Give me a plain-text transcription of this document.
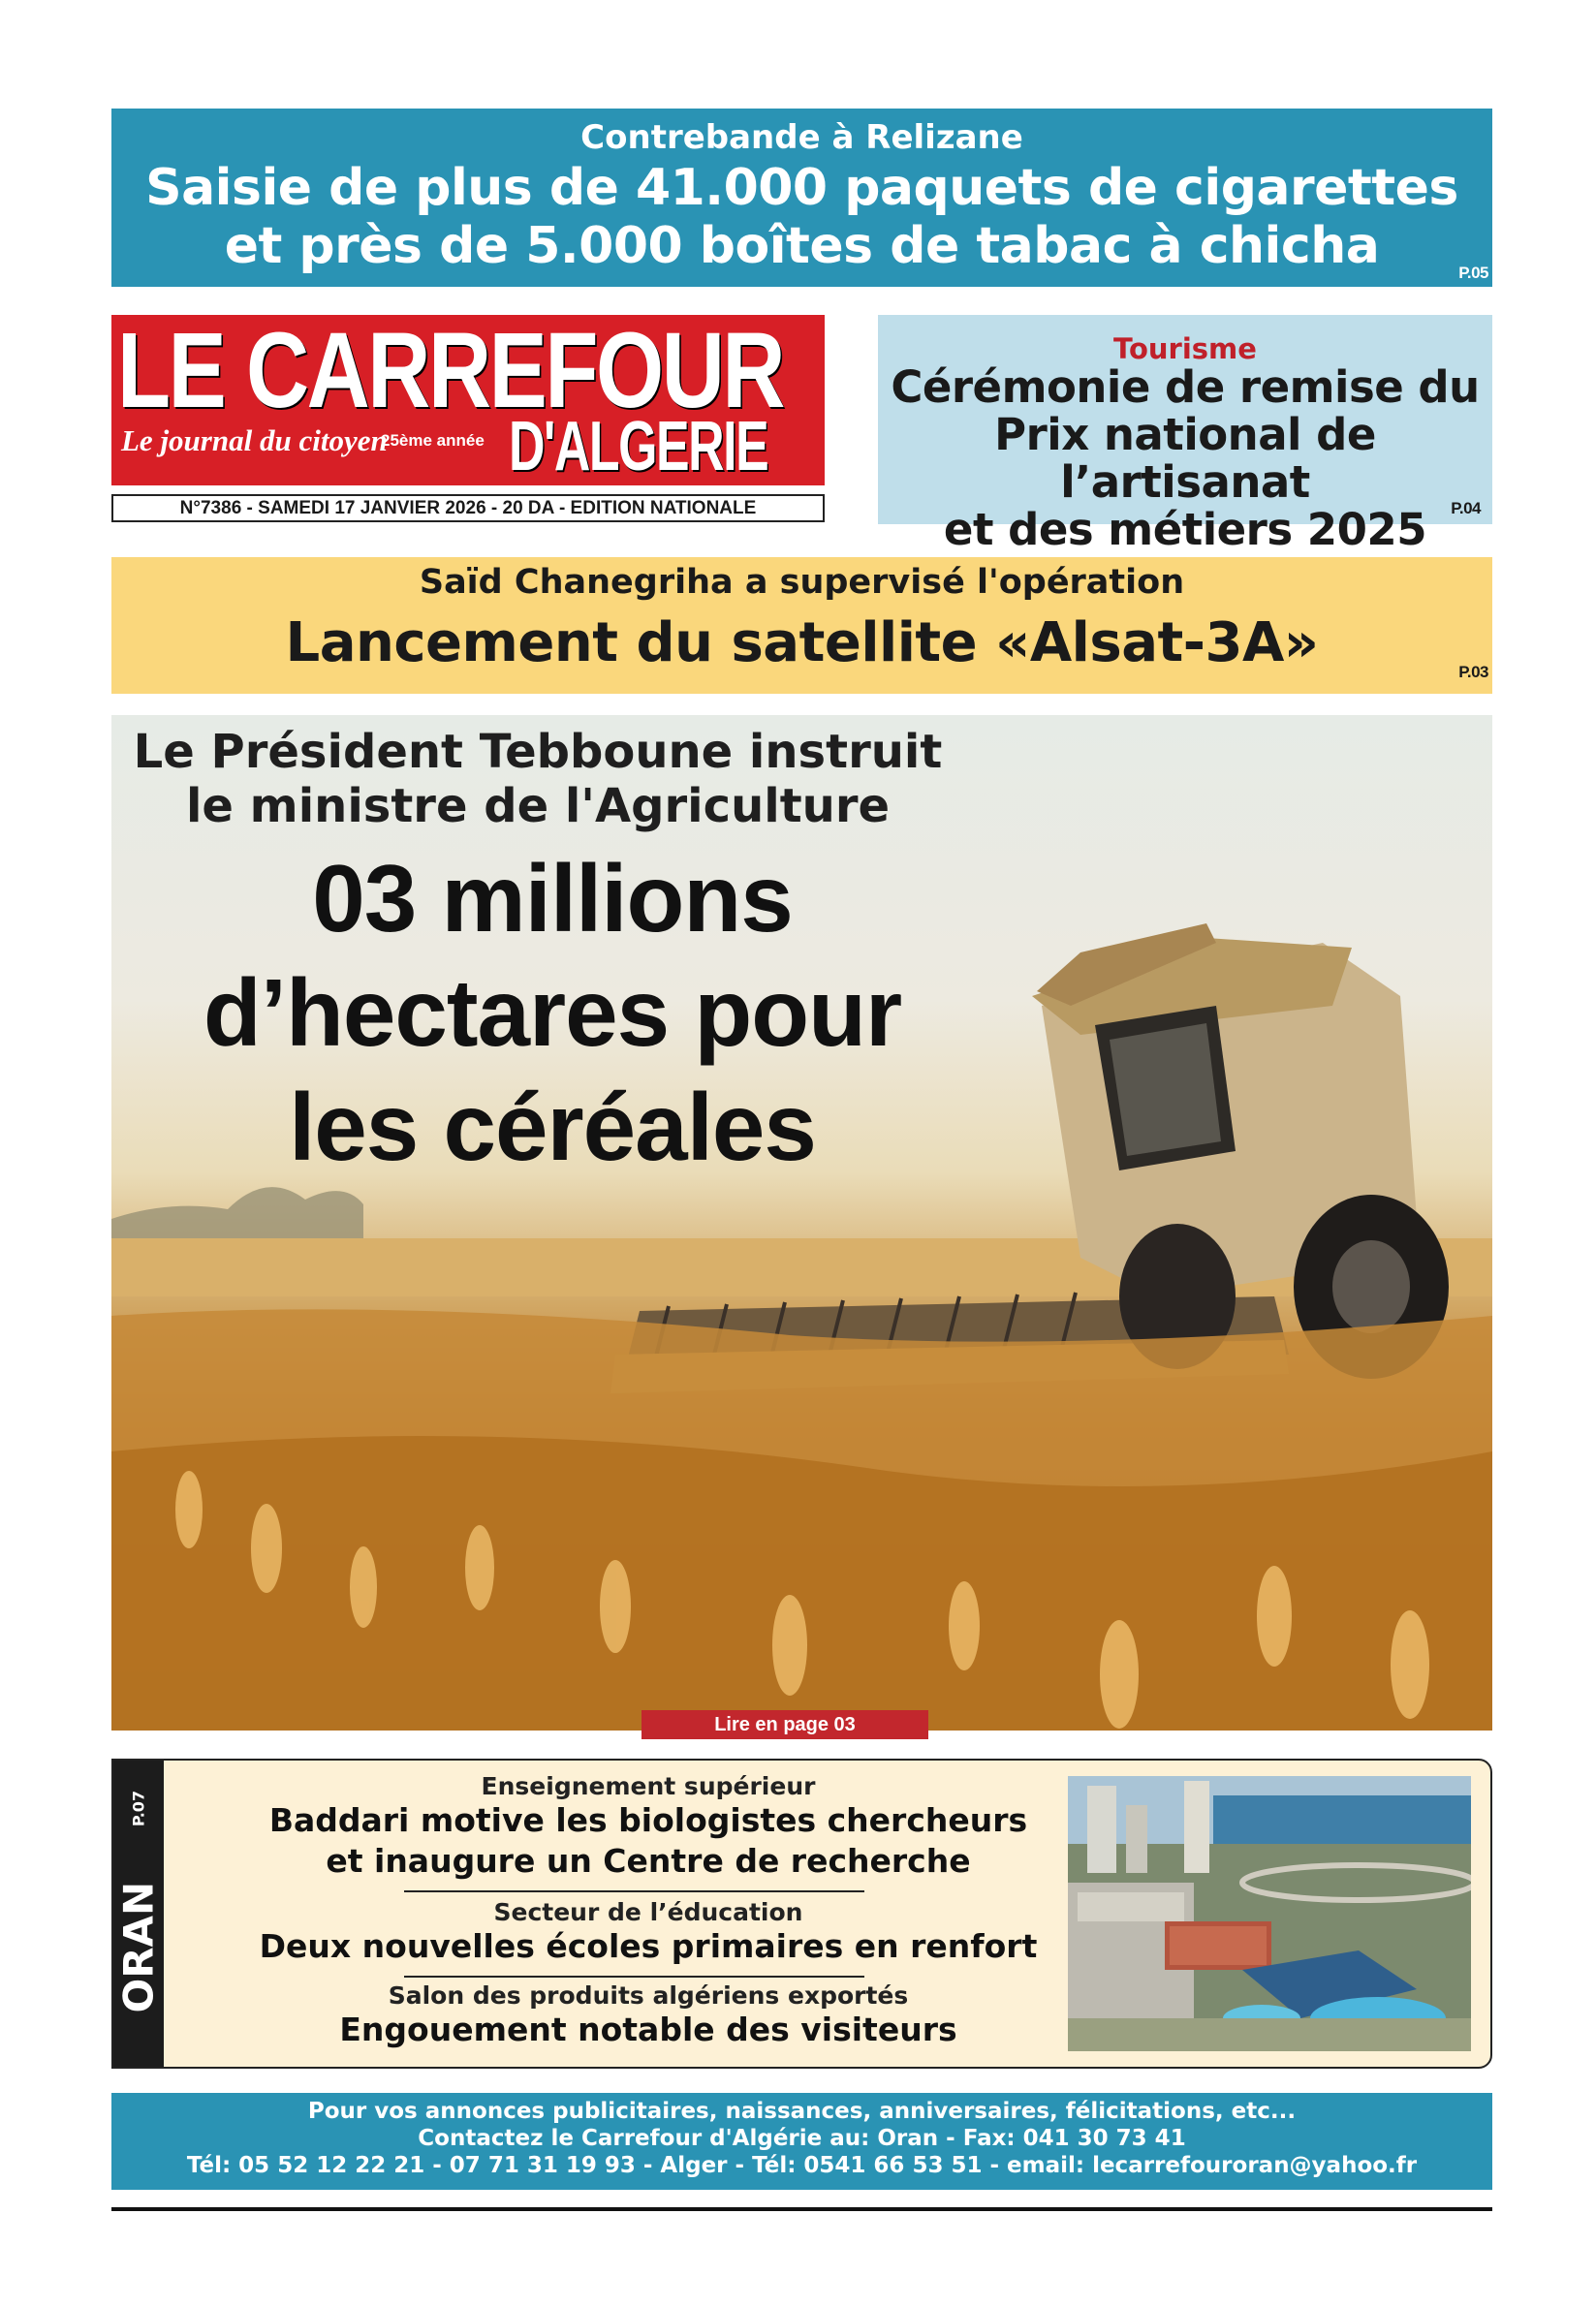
Contrebande à Relizane
Saisie de plus de 41.000 paquets de cigarettes
et près de 5.000 boîtes de tabac à chicha	P.05
LE CARREFOUR
Le journal du citoyen
25ème année D'ALGERIE
N°7386 - SAMEDI 17 JANVIER 2026 - 20 DA - EDITION NATIONALE
Tourisme
Cérémonie de remise du
Prix national de l’artisanat
et des métiers 2025	P.04
Saïd Chanegriha a supervisé l'opération
Lancement du satellite «Alsat-3A»	P.03
Le Président Tebboune instruit
le ministre de l'Agriculture
03 millions
d’hectares pour
les céréales
Lire en page 03
P.07
ORAN
Enseignement supérieur
Baddari motive les biologistes chercheurs
et inaugure un Centre de recherche
Secteur de l’éducation
Deux nouvelles écoles primaires en renfort
Salon des produits algériens exportés
Engouement notable des visiteurs
Pour vos annonces publicitaires, naissances, anniversaires, félicitations, etc...
Contactez le Carrefour d'Algérie au: Oran - Fax: 041 30 73 41
Tél: 05 52 12 22 21 - 07 71 31 19 93 - Alger - Tél: 0541 66 53 51 - email: lecarrefouroran@yahoo.fr
